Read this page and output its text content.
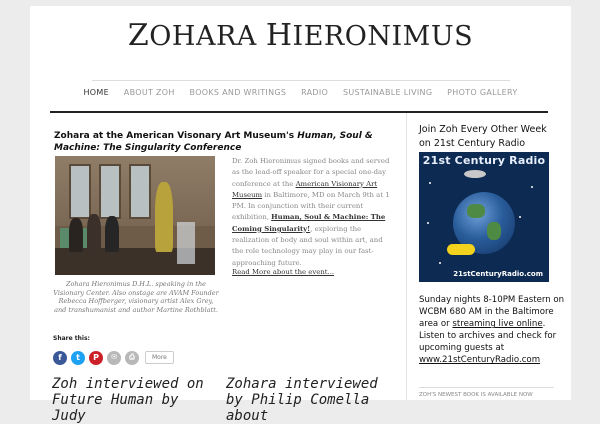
ZOHARA HIERONIMUS
HOME ABOUT ZOH BOOKS AND WRITINGS RADIO SUSTAINABLE LIVING PHOTO GALLERY
Zohara at the American Visonary Art Museum's Human, Soul & Machine: The Singularity Conference
Zohara Hieronimus D.H.L. speaking in the Visionary Center. Also onstage are AVAM Founder Rebecca Hoffberger, visionary artist Alex Grey, and transhumanist and author Martine Rothblatt.
Dr. Zoh Hieronimus signed books and served as the lead-off speaker for a special one-day conference at the American Visionary Art Museum in Baltimore, MD on March 9th at 1 PM. In conjunction with their current exhibition, Human, Soul & Machine: The Coming Singularity!, exploring the realization of body and soul within art, and the role technology may play in our fast-approaching future.
Read More about the event...
Share this:
f t P ✉ ⎙	More
Zoh interviewed on Future Human by Judy
Zohara interviewed by Philip Comella about
Join Zoh Every Other Week on 21st Century Radio
21st Century Radio
21stCenturyRadio.com
Sunday nights 8-10PM Eastern on WCBM 680 AM in the Baltimore area or streaming live online. Listen to archives and check for upcoming guests at www.21stCenturyRadio.com
ZOH'S NEWEST BOOK IS AVAILABLE NOW
